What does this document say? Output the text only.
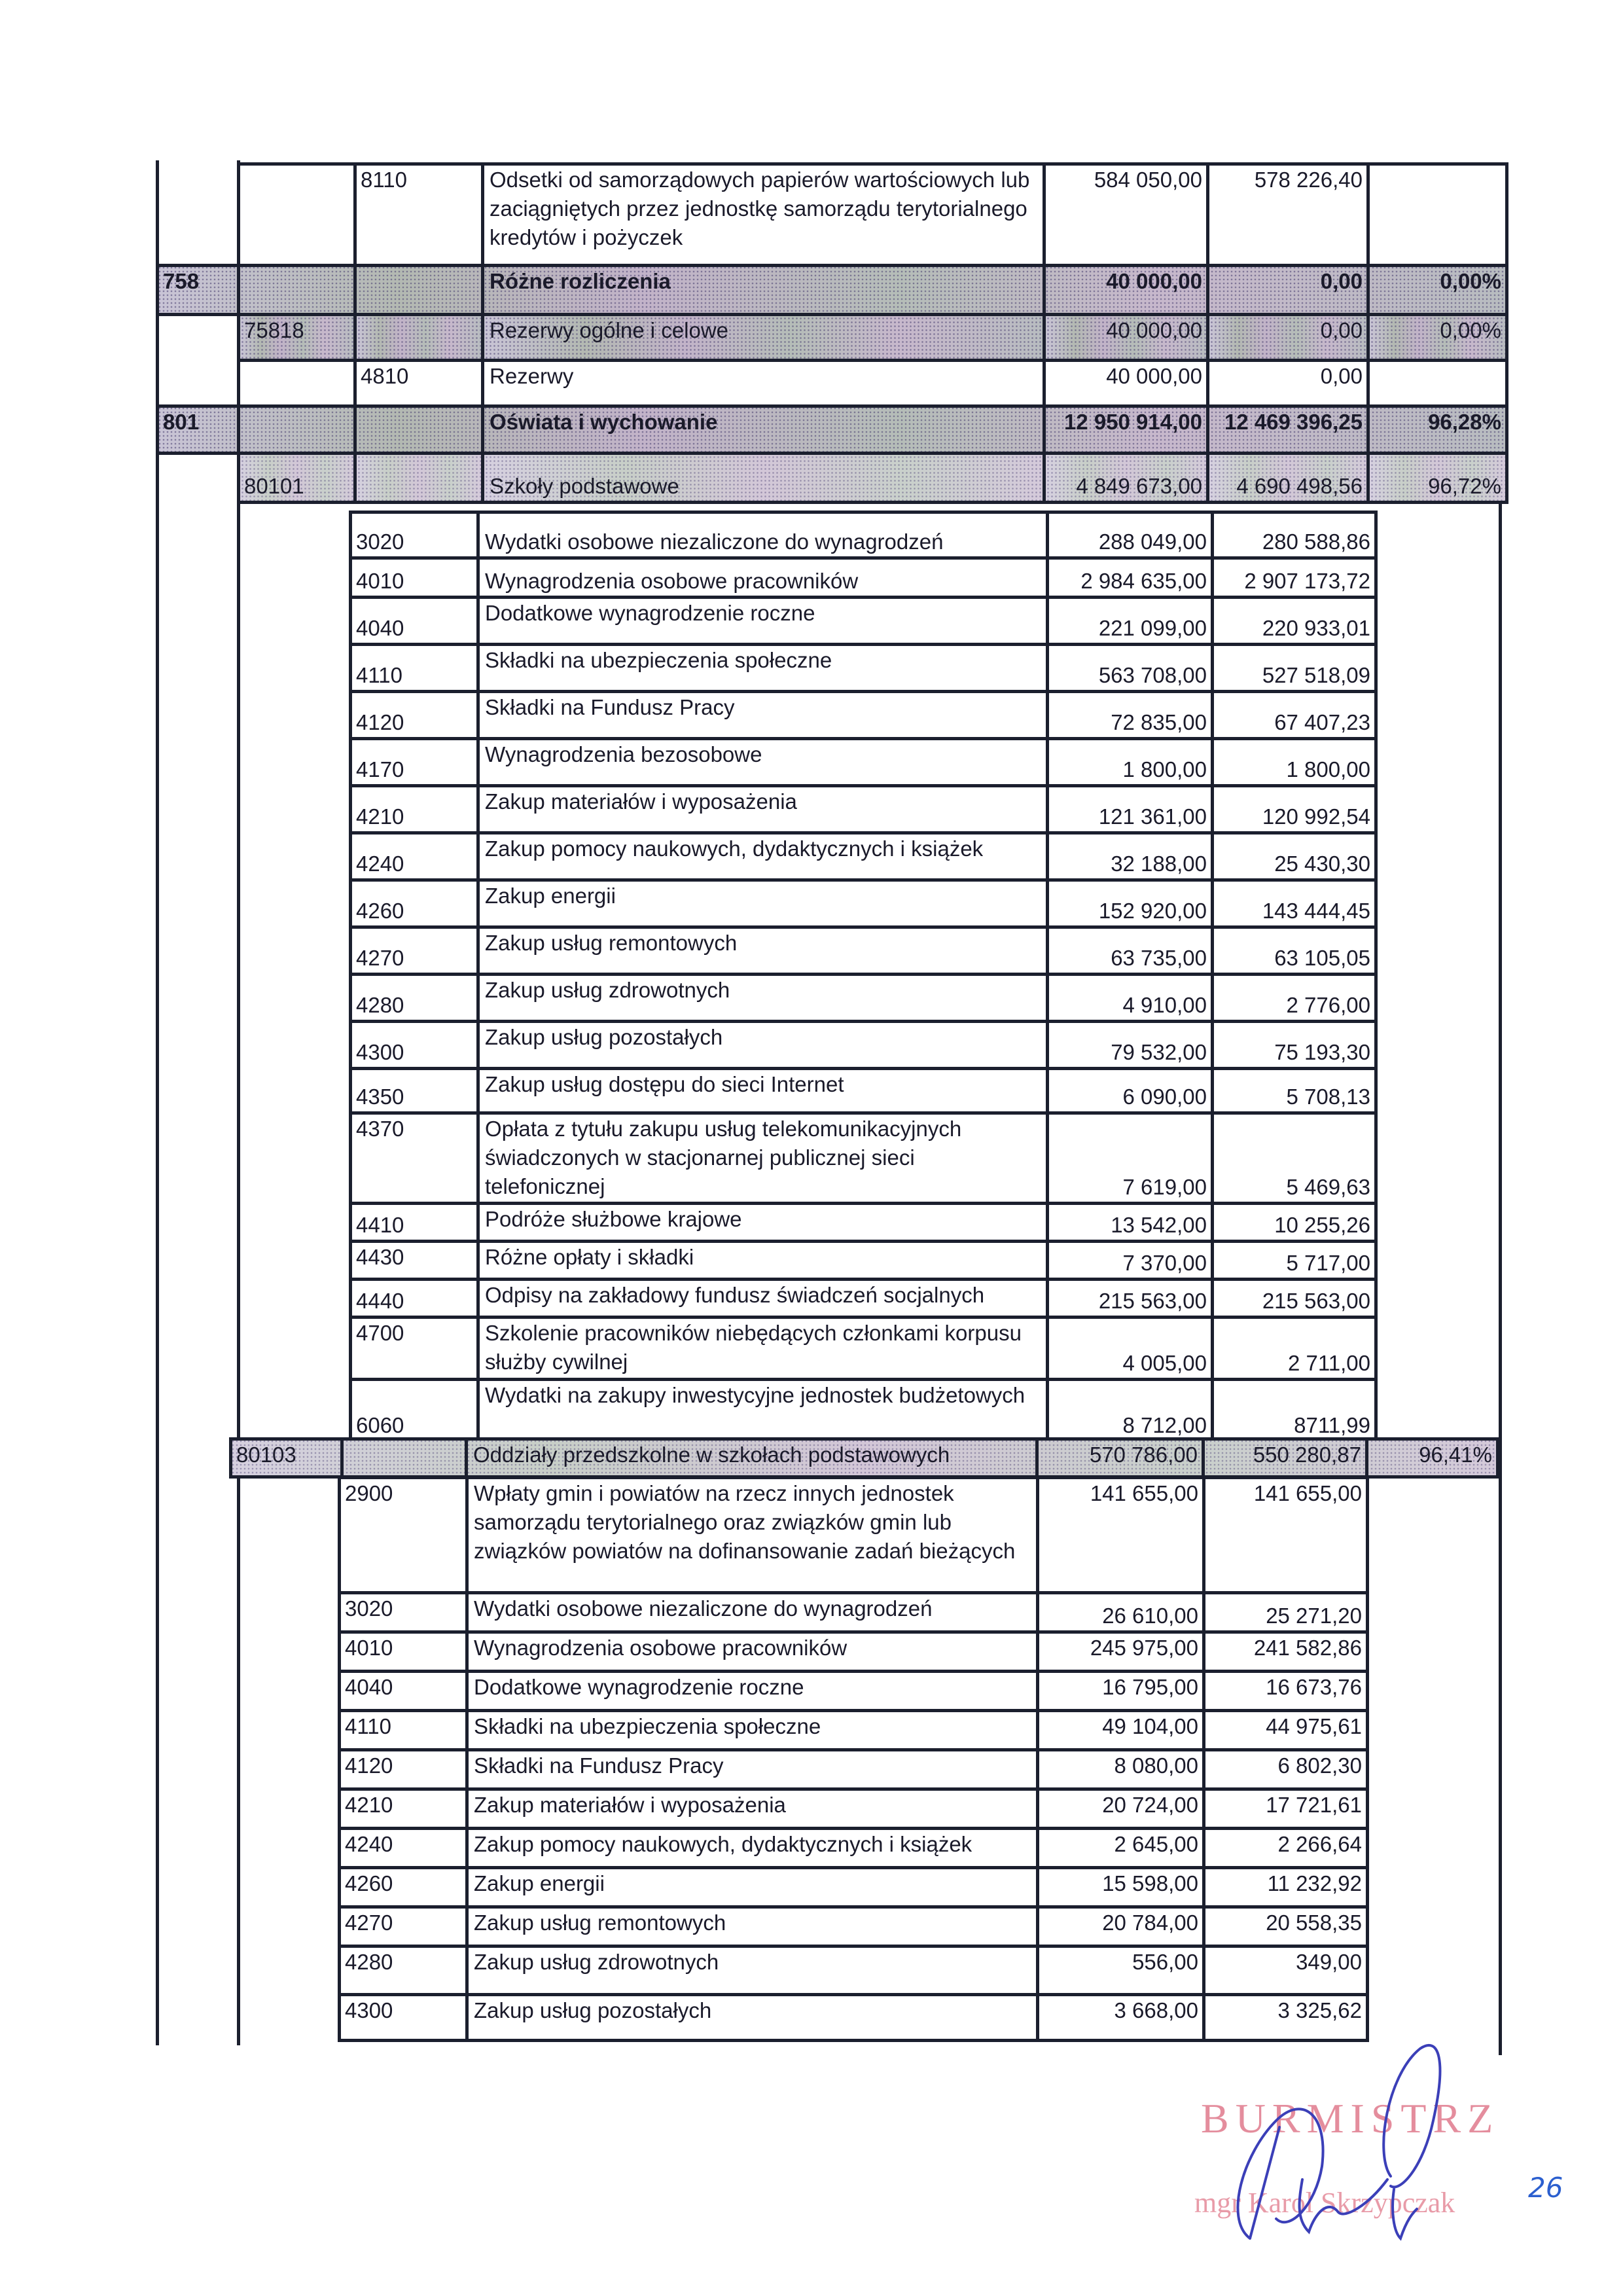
		8110	Odsetki od samorządowych papierów wartościowych lub zaciągniętych przez jednostkę samorządu terytorialnego kredytów i pożyczek	584 050,00	578 226,40	
758			Różne rozliczenia	40 000,00	0,00	0,00%
	75818		Rezerwy ogólne i celowe	40 000,00	0,00	0,00%
		4810	Rezerwy	40 000,00	0,00	
801			Oświata i wychowanie	12 950 914,00	12 469 396,25	96,28%
	80101		Szkoły podstawowe	4 849 673,00	4 690 498,56	96,72%
3020	Wydatki osobowe niezaliczone do wynagrodzeń	288 049,00	280 588,86
4010	Wynagrodzenia osobowe pracowników	2 984 635,00	2 907 173,72
4040	Dodatkowe wynagrodzenie roczne	221 099,00	220 933,01
4110	Składki na ubezpieczenia społeczne	563 708,00	527 518,09
4120	Składki na Fundusz Pracy	72 835,00	67 407,23
4170	Wynagrodzenia bezosobowe	1 800,00	1 800,00
4210	Zakup materiałów i wyposażenia	121 361,00	120 992,54
4240	Zakup pomocy naukowych, dydaktycznych i książek	32 188,00	25 430,30
4260	Zakup energii	152 920,00	143 444,45
4270	Zakup usług remontowych	63 735,00	63 105,05
4280	Zakup usług zdrowotnych	4 910,00	2 776,00
4300	Zakup usług pozostałych	79 532,00	75 193,30
4350	Zakup usług dostępu do sieci Internet	6 090,00	5 708,13
4370	Opłata z tytułu zakupu usług telekomunikacyjnych świadczonych w stacjonarnej publicznej sieci telefonicznej	7 619,00	5 469,63
4410	Podróże służbowe krajowe	13 542,00	10 255,26
4430	Różne opłaty i składki	7 370,00	5 717,00
4440	Odpisy na zakładowy fundusz świadczeń socjalnych	215 563,00	215 563,00
4700	Szkolenie pracowników niebędących członkami korpusu służby cywilnej	4 005,00	2 711,00
6060	Wydatki na zakupy inwestycyjne jednostek budżetowych	8 712,00	8711,99
80103		Oddziały przedszkolne w szkołach podstawowych	570 786,00	550 280,87	96,41%
2900	Wpłaty gmin i powiatów na rzecz innych jednostek samorządu terytorialnego oraz związków gmin lub związków powiatów na dofinansowanie zadań bieżących	141 655,00	141 655,00
3020	Wydatki osobowe niezaliczone do wynagrodzeń	26 610,00	25 271,20
4010	Wynagrodzenia osobowe pracowników	245 975,00	241 582,86
4040	Dodatkowe wynagrodzenie roczne	16 795,00	16 673,76
4110	Składki na ubezpieczenia społeczne	49 104,00	44 975,61
4120	Składki na Fundusz Pracy	8 080,00	6 802,30
4210	Zakup materiałów i wyposażenia	20 724,00	17 721,61
4240	Zakup pomocy naukowych, dydaktycznych i książek	2 645,00	2 266,64
4260	Zakup energii	15 598,00	11 232,92
4270	Zakup usług remontowych	20 784,00	20 558,35
4280	Zakup usług zdrowotnych	556,00	349,00
4300	Zakup usług pozostałych	3 668,00	3 325,62
BURMISTRZ
mgr Karol Skrzypczak	26
